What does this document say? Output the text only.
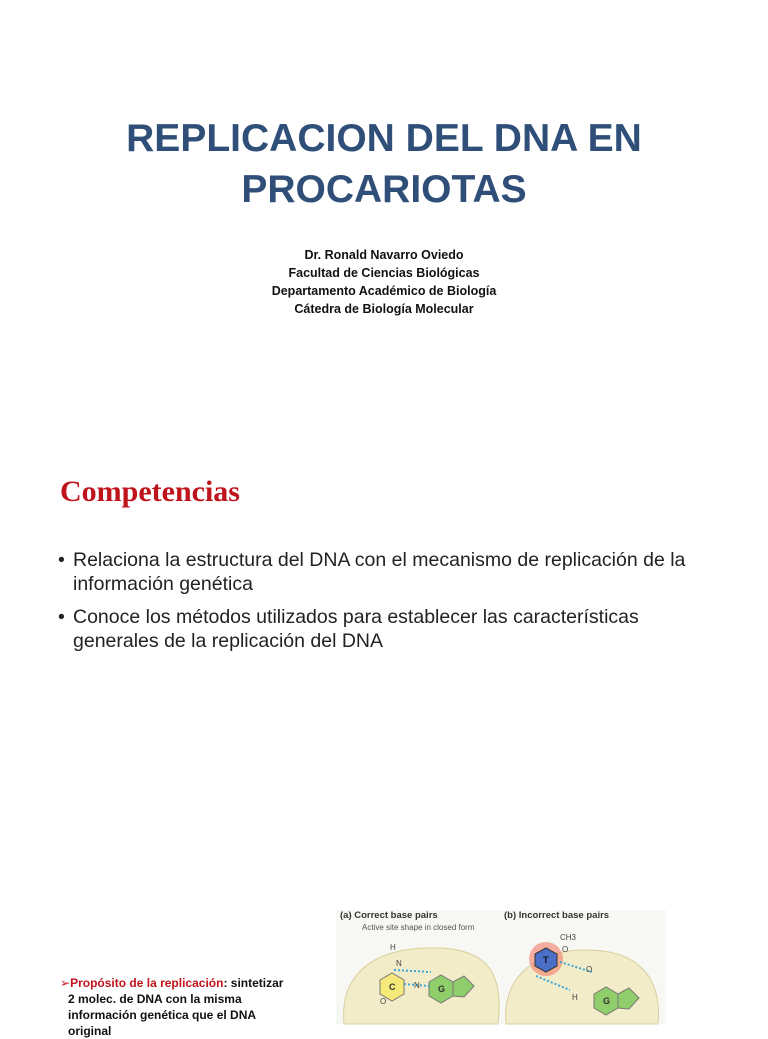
REPLICACION DEL DNA EN
PROCARIOTAS
Dr. Ronald Navarro Oviedo
Facultad de Ciencias Biológicas
Departamento Académico de Biología
Cátedra de Biología Molecular
Competencias
• Relaciona la estructura del DNA con el mecanismo de replicación de la información genética
• Conoce los métodos utilizados para establecer las características generales de la replicación del DNA
➢Propósito de la replicación: sintetizar
2 molec. de DNA con la misma
información genética que el DNA
original
C	G
T
G
H
N
N
O
CH3
O
O
H
(a) Correct base pairs	(b) Incorrect base pairs
Active site shape in closed form
